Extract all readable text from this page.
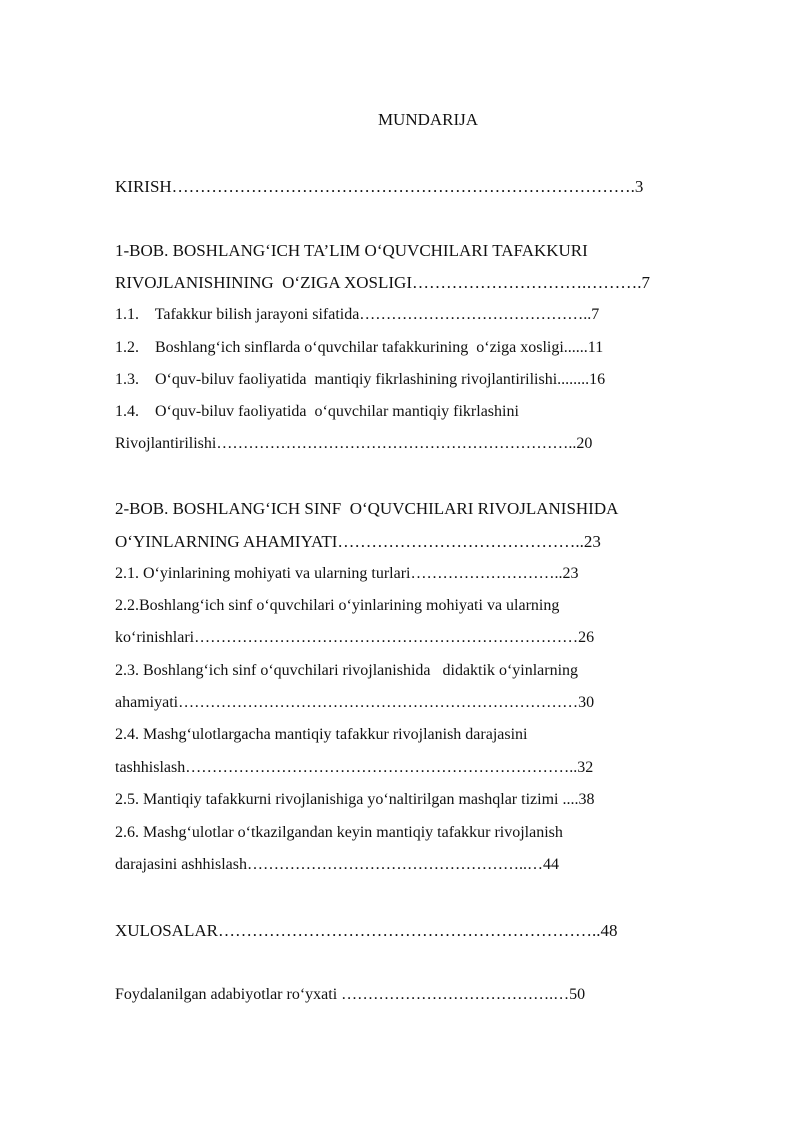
MUNDARIJA
KIRISH……………………………………………………………………….3
1-BOB. BOSHLANG‘ICH TA’LIM O‘QUVCHILARI TAFAKKURI
RIVOJLANISHINING  O‘ZIGA XOSLIGI………………………….……….7
1.1.    Tafakkur bilish jarayoni sifatida……………………………………..7
1.2.    Boshlang‘ich sinflarda o‘quvchilar tafakkurining  o‘ziga xosligi......11
1.3.    O‘quv-biluv faoliyatida  mantiqiy fikrlashining rivojlantirilishi........16
1.4.    O‘quv-biluv faoliyatida  o‘quvchilar mantiqiy fikrlashini
Rivojlantirilishi…………………………………………………………..20
2-BOB. BOSHLANG‘ICH SINF  O‘QUVCHILARI RIVOJLANISHIDA
O‘YINLARNING AHAMIYATI……………………………………..23
2.1. O‘yinlarining mohiyati va ularning turlari………………………..23
2.2.Boshlang‘ich sinf o‘quvchilari o‘yinlarining mohiyati va ularning
ko‘rinishlari………………………………………………………………26
2.3. Boshlang‘ich sinf o‘quvchilari rivojlanishida   didaktik o‘yinlarning
ahamiyati…………………………………………………………………30
2.4. Mashg‘ulotlargacha mantiqiy tafakkur rivojlanish darajasini
tashhislash………………………………………………………………..32
2.5. Mantiqiy tafakkurni rivojlanishiga yo‘naltirilgan mashqlar tizimi ....38
2.6. Mashg‘ulotlar o‘tkazilgandan keyin mantiqiy tafakkur rivojlanish
darajasini ashhislash……………………………………………..…44
XULOSALAR…………………………………………………………..48
Foydalanilgan adabiyotlar ro‘yxati ………………………………….…50
